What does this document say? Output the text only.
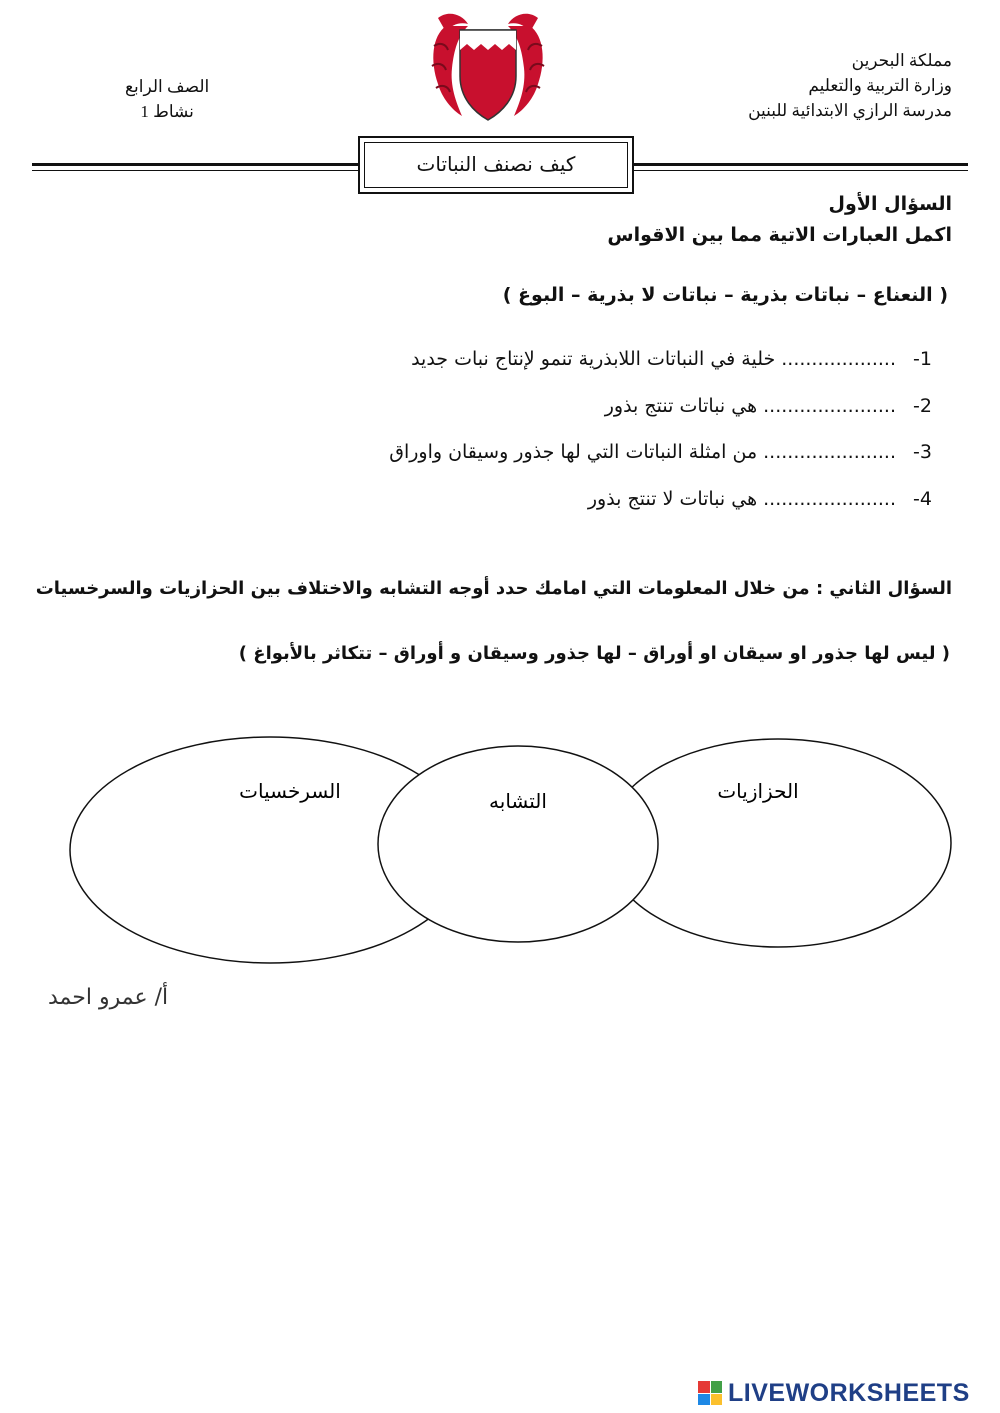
مملكة البحرين
وزارة التربية والتعليم
مدرسة الرازي الابتدائية للبنين
الصف الرابع
نشاط 1
كيف نصنف النباتات
السؤال الأول
اكمل العبارات الاتية مما بين الاقواس
( النعناع – نباتات بذرية – نباتات لا بذرية – البوغ )
1-
...................
خلية في النباتات اللابذرية تنمو لإنتاج نبات جديد
2-
......................
هي نباتات تنتج بذور
3-
......................
من امثلة النباتات التي لها جذور وسيقان واوراق
4-
......................
هي نباتات لا تنتج بذور
السؤال الثاني : من خلال المعلومات التي امامك حدد أوجه التشابه والاختلاف بين الحزازيات والسرخسيات
( ليس لها جذور او سيقان او أوراق – لها جذور وسيقان و أوراق – تتكاثر بالأبواغ )
السرخسيات	التشابه	الحزازيات
أ/ عمرو احمد
LIVEWORKSHEETS
